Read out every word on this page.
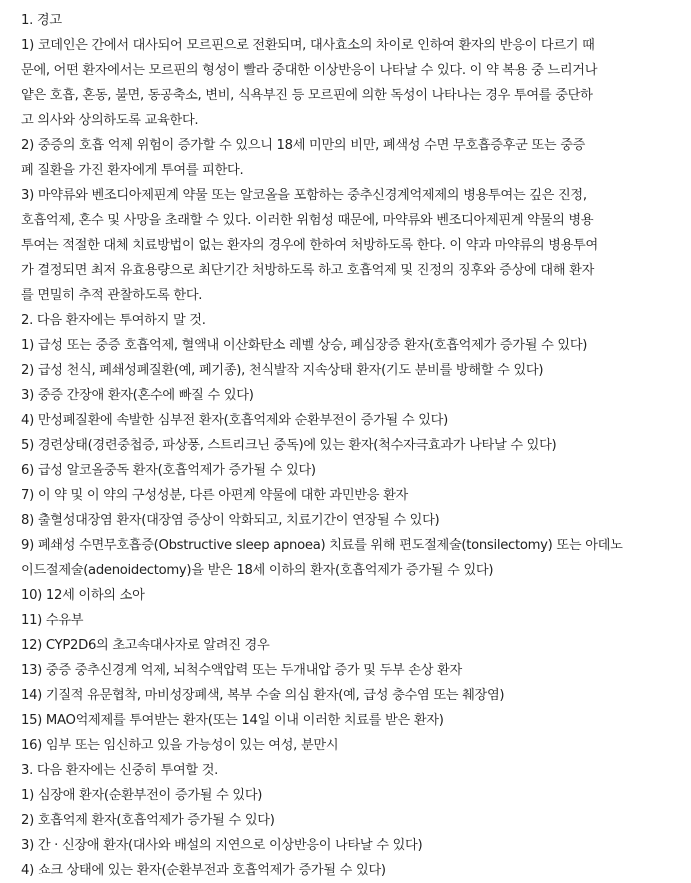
1. 경고
1) 코데인은 간에서 대사되어 모르핀으로 전환되며, 대사효소의 차이로 인하여 환자의 반응이 다르기 때
문에, 어떤 환자에서는 모르핀의 형성이 빨라 중대한 이상반응이 나타날 수 있다. 이 약 복용 중 느리거나
얕은 호흡, 혼동, 불면, 동공축소, 변비, 식욕부진 등 모르핀에 의한 독성이 나타나는 경우 투여를 중단하
고 의사와 상의하도록 교육한다.
2) 중증의 호흡 억제 위험이 증가할 수 있으니 18세 미만의 비만, 폐색성 수면 무호흡증후군 또는 중증
폐 질환을 가진 환자에게 투여를 피한다.
3) 마약류와 벤조디아제핀계 약물 또는 알코올을 포함하는 중추신경계억제제의 병용투여는 깊은 진정,
호흡억제, 혼수 및 사망을 초래할 수 있다. 이러한 위험성 때문에, 마약류와 벤조디아제핀계 약물의 병용
투여는 적절한 대체 치료방법이 없는 환자의 경우에 한하여 처방하도록 한다. 이 약과 마약류의 병용투여
가 결정되면 최저 유효용량으로 최단기간 처방하도록 하고 호흡억제 및 진정의 징후와 증상에 대해 환자
를 면밀히 추적 관찰하도록 한다.
2. 다음 환자에는 투여하지 말 것.
1) 급성 또는 중증 호흡억제, 혈액내 이산화탄소 레벨 상승, 폐심장증 환자(호흡억제가 증가될 수 있다)
2) 급성 천식, 폐쇄성폐질환(예, 폐기종), 천식발작 지속상태 환자(기도 분비를 방해할 수 있다)
3) 중증 간장애 환자(혼수에 빠질 수 있다)
4) 만성폐질환에 속발한 심부전 환자(호흡억제와 순환부전이 증가될 수 있다)
5) 경련상태(경련중첩증, 파상풍, 스트리크닌 중독)에 있는 환자(척수자극효과가 나타날 수 있다)
6) 급성 알코올중독 환자(호흡억제가 증가될 수 있다)
7) 이 약 및 이 약의 구성성분, 다른 아편계 약물에 대한 과민반응 환자
8) 출혈성대장염 환자(대장염 증상이 악화되고, 치료기간이 연장될 수 있다)
9) 폐쇄성 수면무호흡증(Obstructive sleep apnoea) 치료를 위해 편도절제술(tonsilectomy) 또는 아데노
이드절제술(adenoidectomy)을 받은 18세 이하의 환자(호흡억제가 증가될 수 있다)
10) 12세 이하의 소아
11) 수유부
12) CYP2D6의 초고속대사자로 알려진 경우
13) 중증 중추신경계 억제, 뇌척수액압력 또는 두개내압 증가 및 두부 손상 환자
14) 기질적 유문협착, 마비성장폐색, 복부 수술 의심 환자(예, 급성 충수염 또는 췌장염)
15) MAO억제제를 투여받는 환자(또는 14일 이내 이러한 치료를 받은 환자)
16) 임부 또는 임신하고 있을 가능성이 있는 여성, 분만시
3. 다음 환자에는 신중히 투여할 것.
1) 심장애 환자(순환부전이 증가될 수 있다)
2) 호흡억제 환자(호흡억제가 증가될 수 있다)
3) 간 · 신장애 환자(대사와 배설의 지연으로 이상반응이 나타날 수 있다)
4) 쇼크 상태에 있는 환자(순환부전과 호흡억제가 증가될 수 있다)
